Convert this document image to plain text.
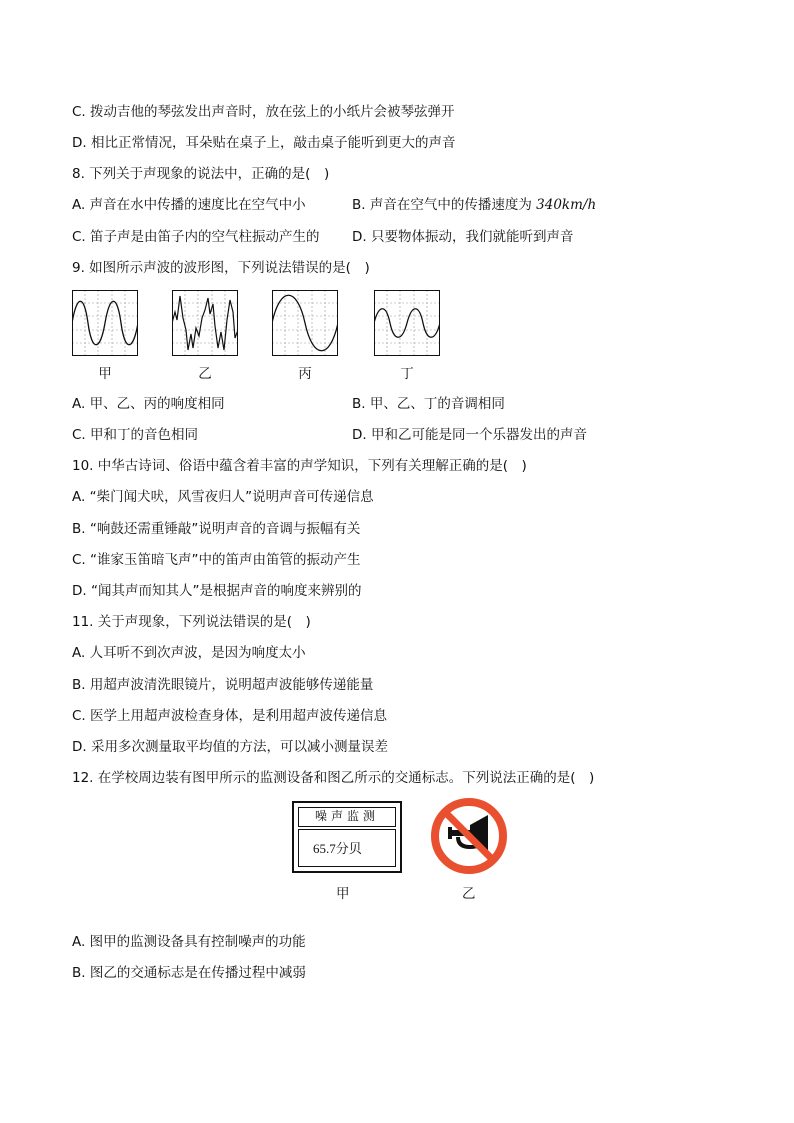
C. 拨动吉他的琴弦发出声音时，放在弦上的小纸片会被琴弦弹开
D. 相比正常情况，耳朵贴在桌子上，敲击桌子能听到更大的声音
8. 下列关于声现象的说法中，正确的是(　)
A. 声音在水中传播的速度比在空气中小	B. 声音在空气中的传播速度为 340km/h
C. 笛子声是由笛子内的空气柱振动产生的 D. 只要物体振动，我们就能听到声音
9. 如图所示声波的波形图，下列说法错误的是(　)
甲	乙	丙	丁
A. 甲、乙、丙的响度相同	B. 甲、乙、丁的音调相同
C. 甲和丁的音色相同	D. 甲和乙可能是同一个乐器发出的声音
10. 中华古诗词、俗语中蕴含着丰富的声学知识，下列有关理解正确的是(　)
A. “柴门闻犬吠，风雪夜归人”说明声音可传递信息
B. “响鼓还需重锤敲”说明声音的音调与振幅有关
C. “谁家玉笛暗飞声”中的笛声由笛管的振动产生
D. “闻其声而知其人”是根据声音的响度来辨别的
11. 关于声现象，下列说法错误的是(　)
A. 人耳听不到次声波，是因为响度太小
B. 用超声波清洗眼镜片，说明超声波能够传递能量
C. 医学上用超声波检查身体，是利用超声波传递信息
D. 采用多次测量取平均值的方法，可以减小测量误差
12. 在学校周边装有图甲所示的监测设备和图乙所示的交通标志。下列说法正确的是(　)
噪声监测
65.7分贝
甲	乙
A. 图甲的监测设备具有控制噪声的功能
B. 图乙的交通标志是在传播过程中减弱
